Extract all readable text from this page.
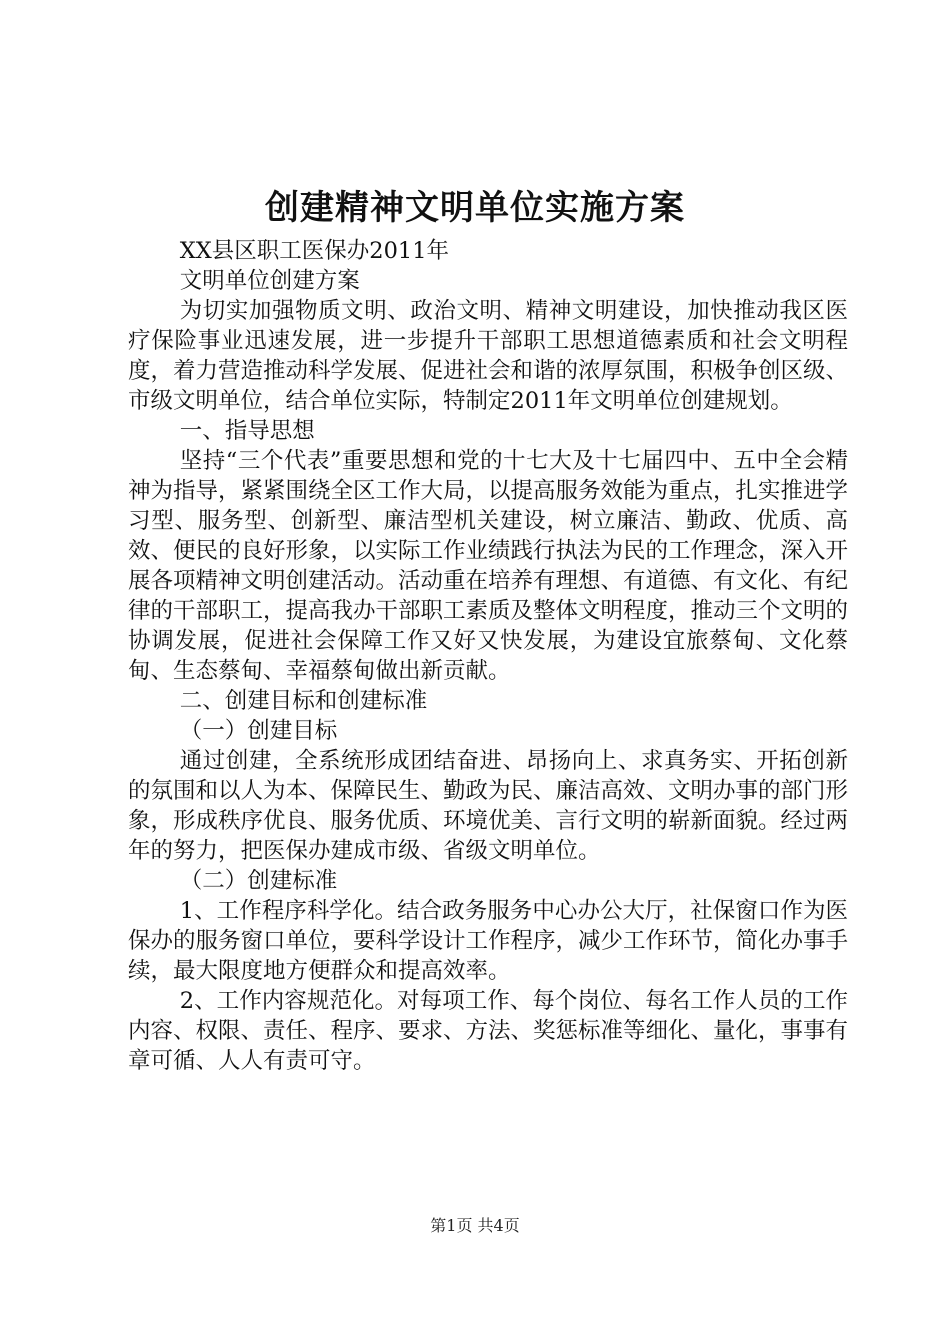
创建精神文明单位实施方案

XX县区职工医保办2011年

文明单位创建方案

为切实加强物质文明、政治文明、精神文明建设，加快推动我区医疗保险事业迅速发展，进一步提升干部职工思想道德素质和社会文明程度，着力营造推动科学发展、促进社会和谐的浓厚氛围，积极争创区级、市级文明单位，结合单位实际，特制定2011年文明单位创建规划。

一、指导思想

坚持“三个代表”重要思想和党的十七大及十七届四中、五中全会精神为指导，紧紧围绕全区工作大局，以提高服务效能为重点，扎实推进学习型、服务型、创新型、廉洁型机关建设，树立廉洁、勤政、优质、高效、便民的良好形象，以实际工作业绩践行执法为民的工作理念，深入开展各项精神文明创建活动。活动重在培养有理想、有道德、有文化、有纪律的干部职工，提高我办干部职工素质及整体文明程度，推动三个文明的协调发展，促进社会保障工作又好又快发展，为建设宜旅蔡甸、文化蔡甸、生态蔡甸、幸福蔡甸做出新贡献。

二、创建目标和创建标准

（一）创建目标

通过创建，全系统形成团结奋进、昂扬向上、求真务实、开拓创新的氛围和以人为本、保障民生、勤政为民、廉洁高效、文明办事的部门形象，形成秩序优良、服务优质、环境优美、言行文明的崭新面貌。经过两年的努力，把医保办建成市级、省级文明单位。

（二）创建标准

1、工作程序科学化。结合政务服务中心办公大厅，社保窗口作为医保办的服务窗口单位，要科学设计工作程序，减少工作环节，简化办事手续，最大限度地方便群众和提高效率。

2、工作内容规范化。对每项工作、每个岗位、每名工作人员的工作内容、权限、责任、程序、要求、方法、奖惩标准等细化、量化，事事有章可循、人人有责可守。

第1页 共4页
